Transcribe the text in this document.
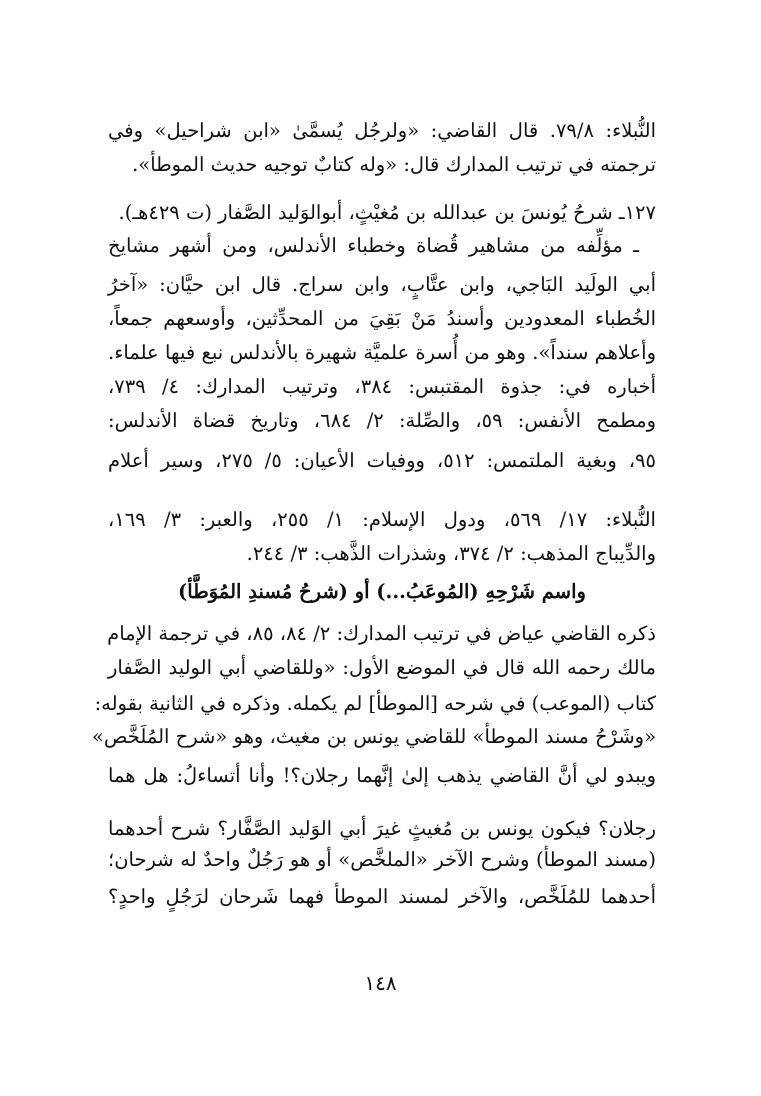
النُّبلاء: ٧٩/٨. قال القاضي: «ولرجُل يُسمَّىٰ «ابن شراحيل» وفي
ترجمته في ترتيب المدارك قال: «وله كتابٌ توجيه حديث الموطأ».
١٢٧ـ شرحُ يُونسَ بن عبدالله بن مُغيْثٍ، أبوالوَليد الصَّفار (ت ٤٢٩هـ).
ـ مؤلِّفه من مشاهير قُضاة وخطباء الأندلس، ومن أشهر مشايخ
أبي الولَيد البَاجي، وابن عتَّابٍ، وابن سراج. قال ابن حيَّان: «آخرُ
الخُطباء المعدودين وأسندُ مَنْ بَقِيَ من المحدِّثين، وأوسعهم جمعاً،
وأعلاهم سنداً». وهو من أُسرة علميَّة شهيرة بالأندلس نبع فيها علماء.
أخباره في: جذوة المقتبس: ٣٨٤، وترتيب المدارك: ٤/ ٧٣٩،
ومطمح الأنفس: ٥٩، والصِّلة: ٢/ ٦٨٤، وتاريخ قضاة الأندلس:
٩٥، وبغية الملتمس: ٥١٢، ووفيات الأعيان: ٥/ ٢٧٥، وسير أعلام
النُّبلاء: ١٧/ ٥٦٩، ودول الإسلام: ١/ ٢٥٥، والعبر: ٣/ ١٦٩،
والدِّيباج المذهب: ٢/ ٣٧٤، وشذرات الذَّهب: ٣/ ٢٤٤.
واسم شَرْحِهِ (المُوعَبُ...) أو (شرحُ مُسندِ المُوَطَّأ)
ذكره القاضي عياض في ترتيب المدارك: ٢/ ٨٤، ٨٥، في ترجمة الإمام
مالك رحمه الله قال في الموضع الأول: «وللقاضي أبي الوليد الصَّفار
كتاب (الموعب) في شرحه [الموطأ] لم يكمله. وذكره في الثانية بقوله:
«وشَرْحُ مسند الموطأ» للقاضي يونس بن مغيث، وهو «شرح المُلَخَّص»
ويبدو لي أنَّ القاضي يذهب إلىٰ إنَّهما رجلان؟! وأنا أتساءلُ: هل هما
رجلان؟ فيكون يونس بن مُغيثٍ غيرَ أبي الوَليد الصَّفَّار؟ شرح أحدهما
(مسند الموطأ) وشرح الآخر «الملخَّص» أو هو رَجُلٌ واحدٌ له شرحان؛
أحدهما للمُلَخَّص، والآخر لمسند الموطأ فهما شَرحان لرَجُلٍ واحدٍ؟
١٤٨
